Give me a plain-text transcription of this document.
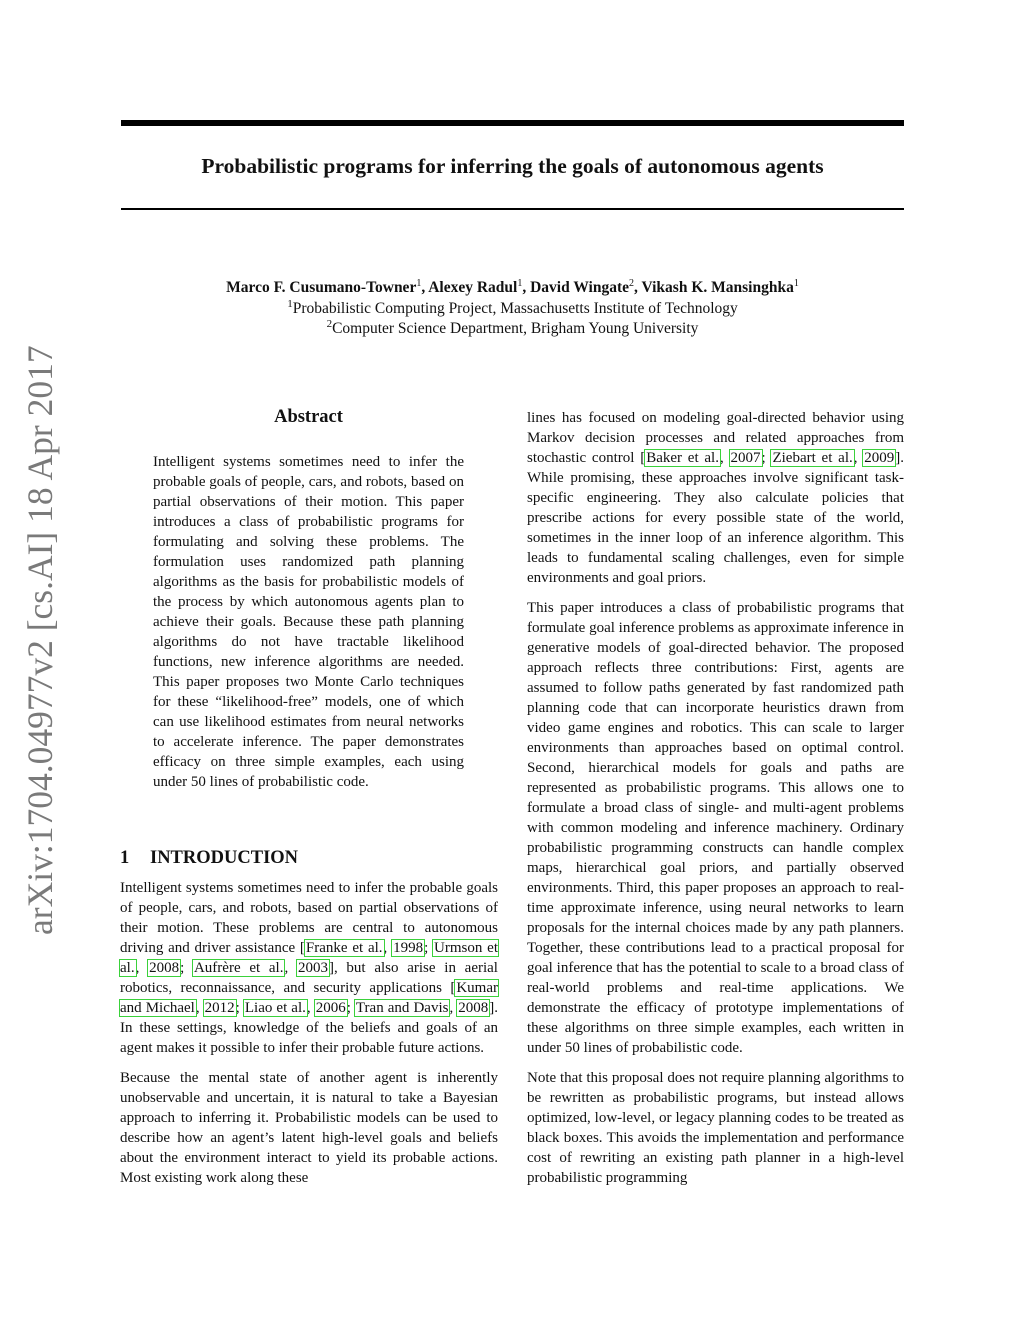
Probabilistic programs for inferring the goals of autonomous agents
Marco F. Cusumano-Towner$^1$, Alexey Radul$^1$, David Wingate$^2$, Vikash K. Mansinghka$^1$
$^1$Probabilistic Computing Project, Massachusetts Institute of Technology
$^2$Computer Science Department, Brigham Young University
arXiv:1704.04977v2 [cs.AI] 18 Apr 2017	Abstract
Intelligent systems sometimes need to infer the probable goals of people, cars, and robots, based on partial observations of their motion. This paper introduces a class of probabilistic programs for formulating and solving these problems. The formulation uses randomized path planning algorithms as the basis for probabilistic models of the process by which autonomous agents plan to achieve their goals. Because these path planning algorithms do not have tractable likelihood functions, new inference algorithms are needed. This paper proposes two Monte Carlo techniques for these “likelihood-free” models, one of which can use likelihood estimates from neural networks to accelerate inference. The paper demonstrates efficacy on three simple examples, each using under 50 lines of probabilistic code.
1 INTRODUCTION

Intelligent systems sometimes need to infer the probable goals of people, cars, and robots, based on partial observations of their motion. These problems are central to autonomous driving and driver assistance [Franke et al., 1998; Urmson et al., 2008; Aufrère et al., 2003], but also arise in aerial robotics, reconnaissance, and security applications [Kumar and Michael, 2012; Liao et al., 2006; Tran and Davis, 2008]. In these settings, knowledge of the beliefs and goals of an agent makes it possible to infer their probable future actions.

Because the mental state of another agent is inherently unobservable and uncertain, it is natural to take a Bayesian approach to inferring it. Probabilistic models can be used to describe how an agent’s latent high-level goals and beliefs about the environment interact to yield its probable actions. Most existing work along these

lines has focused on modeling goal-directed behavior using Markov decision processes and related approaches from stochastic control [Baker et al., 2007; Ziebart et al., 2009]. While promising, these approaches involve significant task-specific engineering. They also calculate policies that prescribe actions for every possible state of the world, sometimes in the inner loop of an inference algorithm. This leads to fundamental scaling challenges, even for simple environments and goal priors.

This paper introduces a class of probabilistic programs that formulate goal inference problems as approximate inference in generative models of goal-directed behavior. The proposed approach reflects three contributions: First, agents are assumed to follow paths generated by fast randomized path planning code that can incorporate heuristics drawn from video game engines and robotics. This can scale to larger environments than approaches based on optimal control. Second, hierarchical models for goals and paths are represented as probabilistic programs. This allows one to formulate a broad class of single- and multi-agent problems with common modeling and inference machinery. Ordinary probabilistic programming constructs can handle complex maps, hierarchical goal priors, and partially observed environments. Third, this paper proposes an approach to real-time approximate inference, using neural networks to learn proposals for the internal choices made by any path planners. Together, these contributions lead to a practical proposal for goal inference that has the potential to scale to a broad class of real-world problems and real-time applications. We demonstrate the efficacy of prototype implementations of these algorithms on three simple examples, each written in under 50 lines of probabilistic code.

Note that this proposal does not require planning algorithms to be rewritten as probabilistic programs, but instead allows optimized, low-level, or legacy planning codes to be treated as black boxes. This avoids the implementation and performance cost of rewriting an existing path planner in a high-level probabilistic programming
